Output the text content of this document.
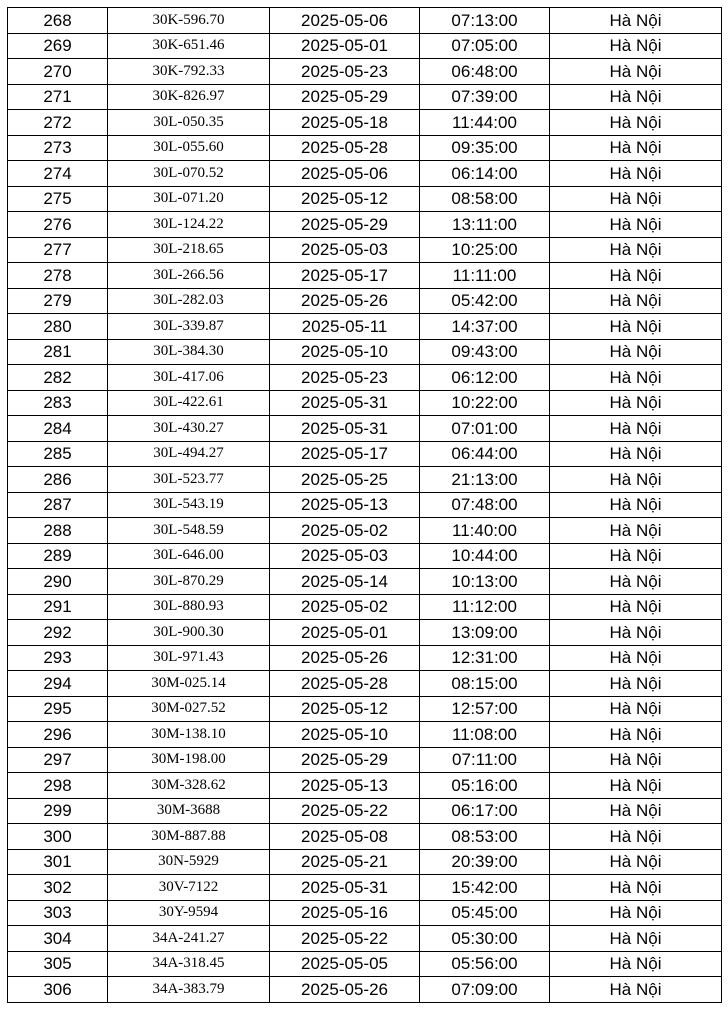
268	30K-596.70	2025-05-06	07:13:00	Hà Nội
269	30K-651.46	2025-05-01	07:05:00	Hà Nội
270	30K-792.33	2025-05-23	06:48:00	Hà Nội
271	30K-826.97	2025-05-29	07:39:00	Hà Nội
272	30L-050.35	2025-05-18	11:44:00	Hà Nội
273	30L-055.60	2025-05-28	09:35:00	Hà Nội
274	30L-070.52	2025-05-06	06:14:00	Hà Nội
275	30L-071.20	2025-05-12	08:58:00	Hà Nội
276	30L-124.22	2025-05-29	13:11:00	Hà Nội
277	30L-218.65	2025-05-03	10:25:00	Hà Nội
278	30L-266.56	2025-05-17	11:11:00	Hà Nội
279	30L-282.03	2025-05-26	05:42:00	Hà Nội
280	30L-339.87	2025-05-11	14:37:00	Hà Nội
281	30L-384.30	2025-05-10	09:43:00	Hà Nội
282	30L-417.06	2025-05-23	06:12:00	Hà Nội
283	30L-422.61	2025-05-31	10:22:00	Hà Nội
284	30L-430.27	2025-05-31	07:01:00	Hà Nội
285	30L-494.27	2025-05-17	06:44:00	Hà Nội
286	30L-523.77	2025-05-25	21:13:00	Hà Nội
287	30L-543.19	2025-05-13	07:48:00	Hà Nội
288	30L-548.59	2025-05-02	11:40:00	Hà Nội
289	30L-646.00	2025-05-03	10:44:00	Hà Nội
290	30L-870.29	2025-05-14	10:13:00	Hà Nội
291	30L-880.93	2025-05-02	11:12:00	Hà Nội
292	30L-900.30	2025-05-01	13:09:00	Hà Nội
293	30L-971.43	2025-05-26	12:31:00	Hà Nội
294	30M-025.14	2025-05-28	08:15:00	Hà Nội
295	30M-027.52	2025-05-12	12:57:00	Hà Nội
296	30M-138.10	2025-05-10	11:08:00	Hà Nội
297	30M-198.00	2025-05-29	07:11:00	Hà Nội
298	30M-328.62	2025-05-13	05:16:00	Hà Nội
299	30M-3688	2025-05-22	06:17:00	Hà Nội
300	30M-887.88	2025-05-08	08:53:00	Hà Nội
301	30N-5929	2025-05-21	20:39:00	Hà Nội
302	30V-7122	2025-05-31	15:42:00	Hà Nội
303	30Y-9594	2025-05-16	05:45:00	Hà Nội
304	34A-241.27	2025-05-22	05:30:00	Hà Nội
305	34A-318.45	2025-05-05	05:56:00	Hà Nội
306	34A-383.79	2025-05-26	07:09:00	Hà Nội
